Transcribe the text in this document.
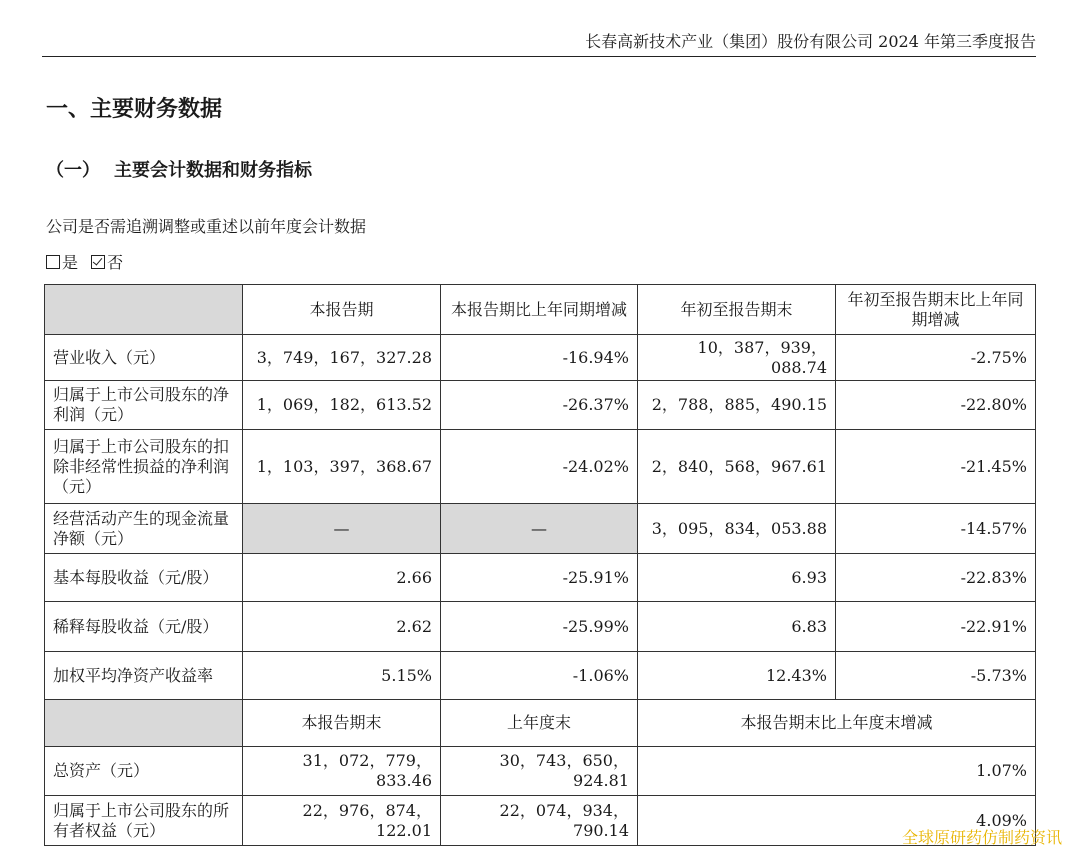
长春高新技术产业（集团）股份有限公司 2024 年第三季度报告
一、主要财务数据
（一） 主要会计数据和财务指标
公司是否需追溯调整或重述以前年度会计数据
是 否
	本报告期	本报告期比上年同期增减	年初至报告期末	年初至报告期末比上年同期增减
营业收入（元）	3，749，167，327.28	-16.94%	10，387，939，088.74	-2.75%
归属于上市公司股东的净利润（元）	1，069，182，613.52	-26.37%	2，788，885，490.15	-22.80%
归属于上市公司股东的扣除非经常性损益的净利润（元）	1，103，397，368.67	-24.02%	2，840，568，967.61	-21.45%
经营活动产生的现金流量净额（元）	—	—	3，095，834，053.88	-14.57%
基本每股收益（元/股）	2.66	-25.91%	6.93	-22.83%
稀释每股收益（元/股）	2.62	-25.99%	6.83	-22.91%
加权平均净资产收益率	5.15%	-1.06%	12.43%	-5.73%
	本报告期末	上年度末	本报告期末比上年度末增减	
总资产（元）	31，072，779，833.46	30，743，650，924.81	1.07%	
归属于上市公司股东的所有者权益（元）	22，976，874，122.01	22，074，934，790.14	4.09%	
全球原研药仿制药资讯
